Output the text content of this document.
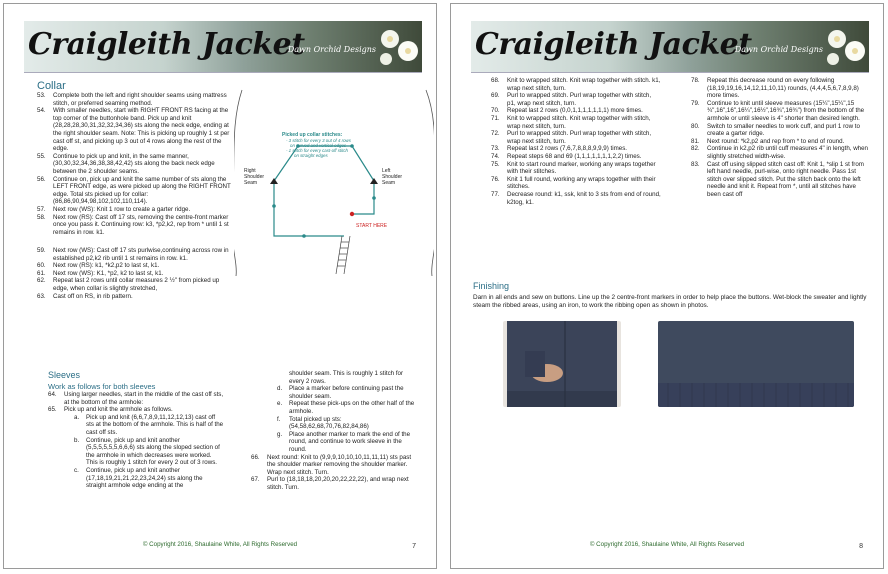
Craigleith Jacket
Dawn Orchid Designs
Collar
53.	Complete both the left and right shoulder seams using mattress stitch, or preferred seaming method.
54.	With smaller needles, start with RIGHT FRONT RS facing at the top corner of the buttonhole band. Pick up and knit (28,28,28,30,31,32,32,34,36) sts along the neck edge, ending at the right shoulder seam. Note: This is picking up roughly 1 st per cast off st, and picking up 3 out of 4 rows along the rest of the edge.
55.	Continue to pick up and knit, in the same manner, (30,30,32,34,36,38,38,42,42) sts along the back neck edge between the 2 shoulder seams.
56.	Continue on, pick up and knit the same number of sts along the LEFT FRONT edge, as were picked up along the RIGHT FRONT edge. Total sts picked up for collar: (86,86,90,94,98,102,102,110,114).
57.	Next row (WS): Knit 1 row to create a garter ridge.
58.	Next row (RS): Cast off 17 sts, removing the centre-front marker once you pass it. Continuing row: k3, *p2,k2, rep from * until 1 st remains in row. k1.
59.	Next row (WS): Cast off 17 sts purlwise,continuing across row in established p2,k2 rib until 1 st remains in row. k1.
60.	Next row (RS): k1, *k2,p2 to last st, k1.
61.	Next row (WS): K1, *p2, k2 to last st, k1.
62.	Repeat last 2 rows until collar measures 2 ½" from picked up edge, when collar is slightly stretched,
63.	Cast off on RS, in rib pattern.
START HERE
Picked up collar stitches:
- 3 stitch for every 3 out of 4 rows
on curved and vertical edges
- 1 stitch for every cast-off stitch
on straight edges
Right
Shoulder
Seam
Left
Shoulder
Seam
Sleeves
Work as follows for both sleeves
64.	Using larger needles, start in the middle of the cast off sts, at the bottom of the armhole:
65.	Pick up and knit the armhole as follows.
a.	Pick up and knit (6,6,7,8,9,11,12,12,13) cast off sts at the bottom of the armhole. This is half of the cast off sts.
b.	Continue, pick up and knit another (5,5,5,5,5,5,6,6,6) sts along the sloped section of the armhole in which decreases were worked. This is roughly 1 stitch for every 2 out of 3 rows.
c.	Continue, pick up and knit another (17,18,19,21,21,22,23,24,24) sts along the straight armhole edge ending at the
shoulder seam. This is roughly 1 stitch for every 2 rows.
d.	Place a marker before continuing past the shoulder seam.
e.	Repeat these pick-ups on the other half of the armhole.
f.	Total picked up sts: (54,58,62,68,70,76,82,84,86)
g.	Place another marker to mark the end of the round, and continue to work sleeve in the round.
66.	Next round: Knit to (9,9,9,10,10,10,11,11,11) sts past the shoulder marker removing the shoulder marker. Wrap next stitch. Turn.
67.	Purl to (18,18,18,20,20,20,22,22,22), and wrap next stitch. Turn.
© Copyright 2016, Shaulaine White, All Rights Reserved	7
Craigleith Jacket
Dawn Orchid Designs
68.	Knit to wrapped stitch. Knit wrap together with stitch. k1, wrap next stitch, turn.
69.	Purl to wrapped stitch. Purl wrap together with stitch, p1, wrap next stitch, turn.
70.	Repeat last 2 rows (0,0,1,1,1,1,1,1,1) more times.
71.	Knit to wrapped stitch. Knit wrap together with stitch, wrap next stitch, turn.
72.	Purl to wrapped stitch. Purl wrap together with stitch, wrap next stitch, turn.
73.	Repeat last 2 rows (7,6,7,8,8,8,9,9,9) times.
74.	Repeat steps 68 and 69 (1,1,1,1,1,1,1,2,2) times.
75.	Knit to start round marker, working any wraps together with their stitches.
76.	Knit 1 full round, working any wraps together with their stitches.
77.	Decrease round: k1, ssk, knit to 3 sts from end of round, k2tog, k1.
78.	Repeat this decrease round on every following (18,19,19,16,14,12,11,10,11) rounds, (4,4,4,5,6,7,8,9,8) more times.
79.	Continue to knit until sleeve measures (15¼",15¼",15 ¾",16",16",16¼",16½",16¾",16¾") from the bottom of the armhole or until sleeve is 4" shorter than desired length.
80.	Switch to smaller needles to work cuff, and purl 1 row to create a garter ridge.
81.	Next round: *k2,p2 and rep from * to end of round.
82.	Continue in k2,p2 rib until cuff measures 4" in length, when slightly stretched width-wise.
83.	Cast off using slipped stitch cast off: Knit 1, *slip 1 st from left hand needle, purl-wise, onto right needle. Pass 1st stitch over slipped stitch. Put the stitch back onto the left needle and knit it. Repeat from *, until all stitches have been cast off
Finishing
Darn in all ends and sew on buttons. Line up the 2 centre-front markers in order to help place the buttons. Wet-block the sweater and lightly steam the ribbed areas, using an iron, to work the ribbing open as shown in photos.
© Copyright 2016, Shaulaine White, All Rights Reserved	8
